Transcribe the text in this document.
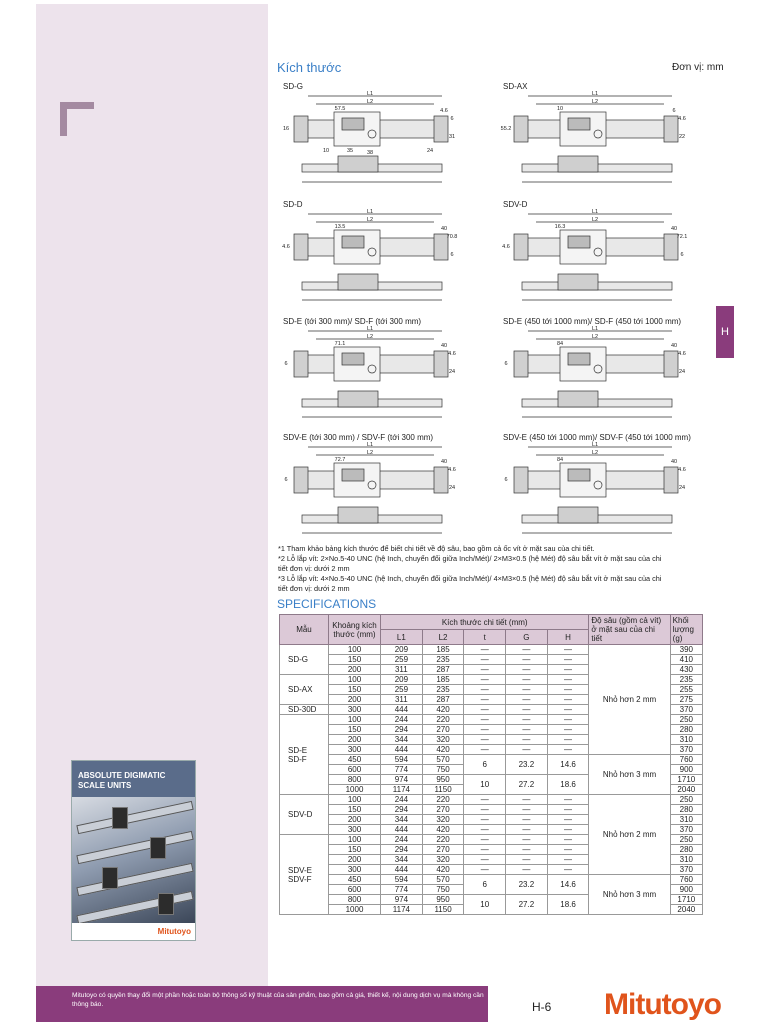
ABSOLUTE DIGIMATIC SCALE UNITS
Mitutoyo
H
Kích thước	Đơn vị: mm
SD-G	SD-AX
SD-D	SDV-D
SD-E (tới 300 mm)/ SD-F (tới 300 mm)	SD-E (450 tới 1000 mm)/ SD-F (450 tới 1000 mm)
SDV-E (tới 300 mm) / SDV-F (tới 300 mm)	SDV-E (450 tới 1000 mm)/ SDV-F (450 tới 1000 mm)
L1
L2
57.5	4.6
6
16
31
10	35	38	24
L1
L2
10	6
4.6
55.2
22
L1
L2
13.5	40
70.8
4.6
6
L1
L2
16.3	40
72.1
4.6
6
L1
L2
71.1	40
4.6
6
24
L1
L2
84	40
4.6
6
24
L1
L2
72.7	40
4.6
6
24
L1
L2
84	40
4.6
6
24
*1 Tham khảo bảng kích thước để biết chi tiết về độ sâu, bao gồm cả ốc vít ở mặt sau của chi tiết.
*2 Lỗ lắp vít: 2×No.5-40 UNC (hệ Inch, chuyển đổi giữa Inch/Mét)/ 2×M3×0.5 (hệ Mét) độ sâu bắt vít ở mặt sau của chi
tiết đơn vị: dưới 2 mm
*3 Lỗ lắp vít: 4×No.5-40 UNC (hệ Inch, chuyển đổi giữa Inch/Mét)/ 4×M3×0.5 (hệ Mét) độ sâu bắt vít ở mặt sau của chi
tiết đơn vị: dưới 2 mm
SPECIFICATIONS
Mẫu	Khoảng kích thước (mm)	Kích thước chi tiết (mm)					Độ sâu (gồm cả vít) ở mặt sau của chi tiết	Khối lượng (g)
		L1	L2	t	G	H		
SD-G	100	209	185	—	—	—	Nhỏ hơn 2 mm	390
	150	259	235	—	—	—		410
	200	311	287	—	—	—		430
SD-AX	100	209	185	—	—	—		235
	150	259	235	—	—	—		255
	200	311	287	—	—	—		275
SD-30D	300	444	420	—	—	—		370
SD-E
SD-F	100	244	220	—	—	—		250
	150	294	270	—	—	—		280
	200	344	320	—	—	—		310
	300	444	420	—	—	—		370
	450	594	570	6	23.2	14.6	Nhỏ hơn 3 mm	760
	600	774	750					900
	800	974	950	10	27.2	18.6		1710
	1000	1174	1150					2040
SDV-D	100	244	220	—	—	—	Nhỏ hơn 2 mm	250
	150	294	270	—	—	—		280
	200	344	320	—	—	—		310
	300	444	420	—	—	—		370
SDV-E
SDV-F	100	244	220	—	—	—		250
	150	294	270	—	—	—		280
	200	344	320	—	—	—		310
	300	444	420	—	—	—		370
	450	594	570	6	23.2	14.6	Nhỏ hơn 3 mm	760
	600	774	750					900
	800	974	950	10	27.2	18.6		1710
	1000	1174	1150					2040
Mitutoyo có quyền thay đổi một phần hoặc toàn bộ thông số kỹ thuật của sản phẩm, bao gồm cả giá, thiết kế, nội dung dịch vụ mà không cần thông báo.	H-6 Mitutoyo
